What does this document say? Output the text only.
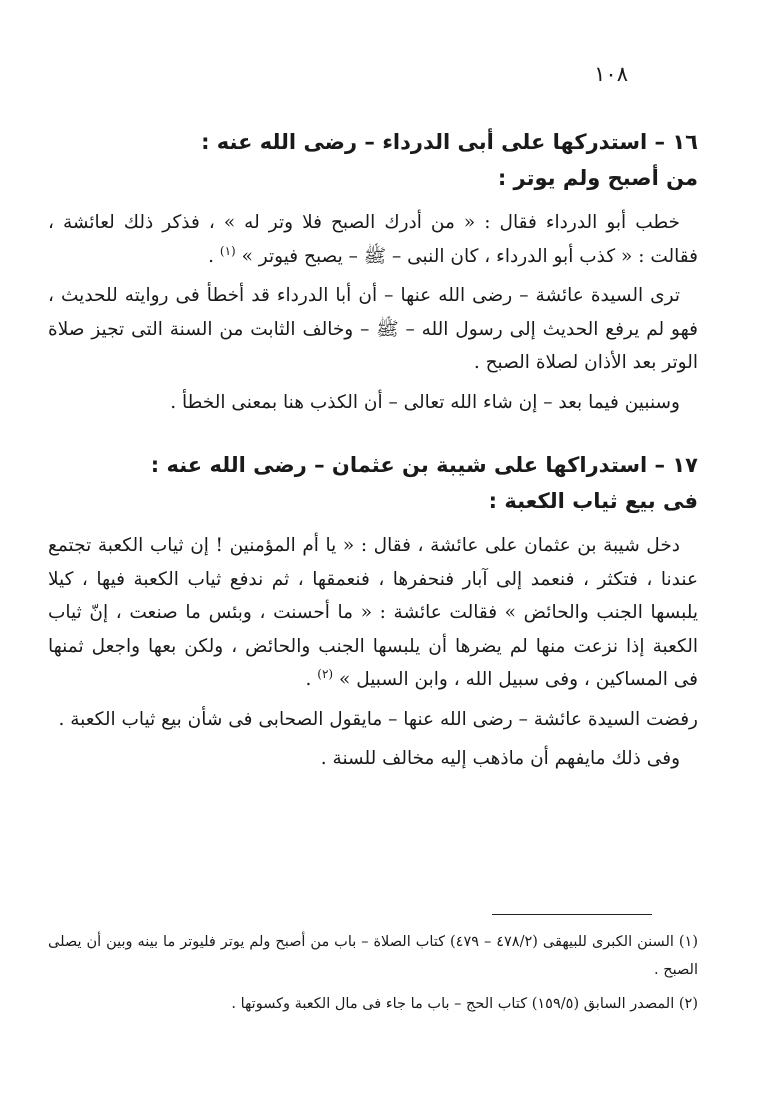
١٠٨
١٦ – استدركها على أبى الدرداء – رضى الله عنه :
من أصبح ولم يوتر :

خطب أبو الدرداء فقال : « من أدرك الصبح فلا وتر له » ، فذكر ذلك لعائشة ، فقالت : « كذب أبو الدرداء ، كان النبى – ﷺ – يصبح فيوتر » $^{(١)}$ .

ترى السيدة عائشة – رضى الله عنها – أن أبا الدرداء قد أخطأ فى روايته للحديث ، فهو لم يرفع الحديث إلى رسول الله – ﷺ – وخالف الثابت من السنة التى تجيز صلاة الوتر بعد الأذان لصلاة الصبح .

وسنبين فيما بعد – إن شاء الله تعالى – أن الكذب هنا بمعنى الخطأ .

١٧ – استدراكها على شيبة بن عثمان – رضى الله عنه :
فى بيع ثياب الكعبة :

دخل شيبة بن عثمان على عائشة ، فقال : « يا أم المؤمنين ! إن ثياب الكعبة تجتمع عندنا ، فتكثر ، فنعمد إلى آبار فنحفرها ، فنعمقها ، ثم ندفع ثياب الكعبة فيها ، كيلا يلبسها الجنب والحائض » فقالت عائشة : « ما أحسنت ، وبئس ما صنعت ، إنّ ثياب الكعبة إذا نزعت منها لم يضرها أن يلبسها الجنب والحائض ، ولكن بعها واجعل ثمنها فى المساكين ، وفى سبيل الله ، وابن السبيل » $^{(٢)}$ .

رفضت السيدة عائشة – رضى الله عنها – مايقول الصحابى فى شأن بيع ثياب الكعبة .

وفى ذلك مايفهم أن ماذهب إليه مخالف للسنة .

(١) السنن الكبرى للبيهقى (٤٧٨/٢ – ٤٧٩) كتاب الصلاة – باب من أصبح ولم يوتر فليوتر ما بينه وبين أن يصلى الصبح .

(٢) المصدر السابق (١٥٩/٥) كتاب الحج – باب ما جاء فى مال الكعبة وكسوتها .
